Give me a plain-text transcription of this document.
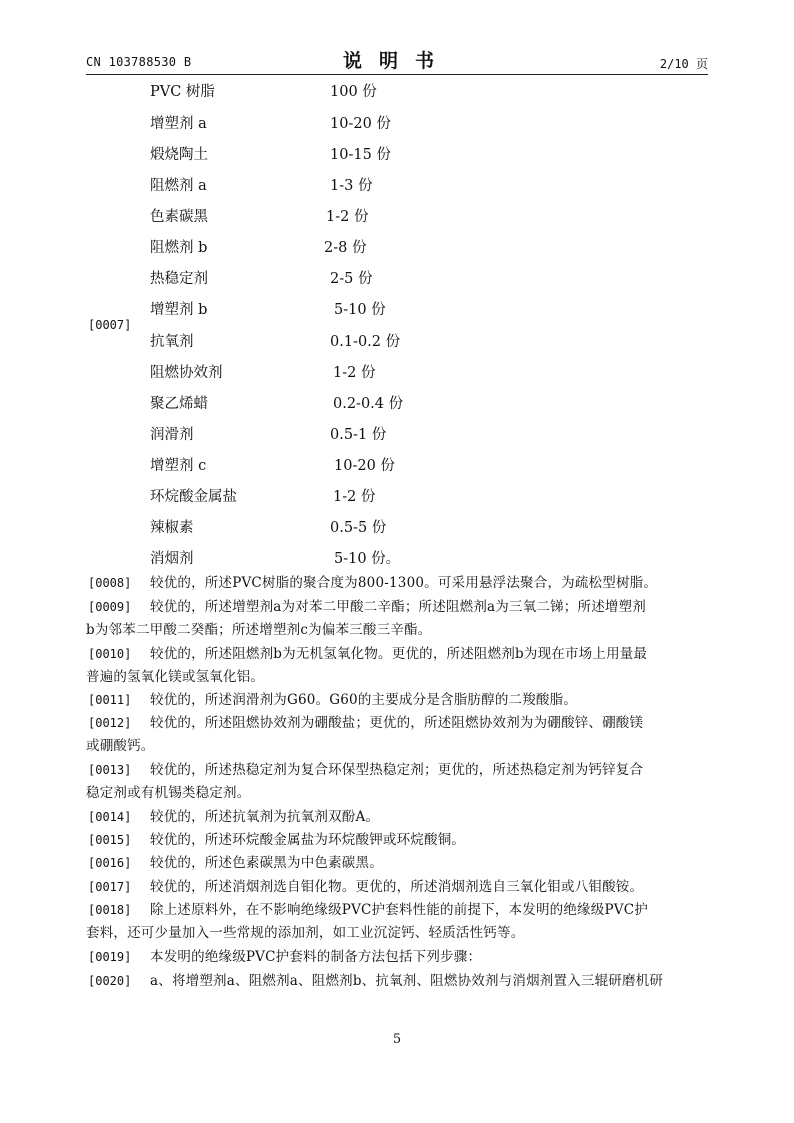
CN 103788530 B	说明书	2/10 页
[0007]
PVC 树脂	100 份
增塑剂 a	10-20 份
煅烧陶土	10-15 份
阻燃剂 a	1-3 份
色素碳黑	1-2 份
阻燃剂 b	2-8 份
热稳定剂	2-5 份
增塑剂 b	5-10 份
抗氧剂	0.1-0.2 份
阻燃协效剂	1-2 份
聚乙烯蜡	0.2-0.4 份
润滑剂	0.5-1 份
增塑剂 c	10-20 份
环烷酸金属盐	1-2 份
辣椒素	0.5-5 份
消烟剂	5-10 份。
[0008] 较优的，所述PVC树脂的聚合度为800-1300。可采用悬浮法聚合，为疏松型树脂。
[0009] 较优的，所述增塑剂a为对苯二甲酸二辛酯；所述阻燃剂a为三氧二锑；所述增塑剂
b为邻苯二甲酸二癸酯；所述增塑剂c为偏苯三酸三辛酯。
[0010] 较优的，所述阻燃剂b为无机氢氧化物。更优的，所述阻燃剂b为现在市场上用量最
普遍的氢氧化镁或氢氧化铝。
[0011] 较优的，所述润滑剂为G60。G60的主要成分是含脂肪醇的二羧酸脂。
[0012] 较优的，所述阻燃协效剂为硼酸盐；更优的，所述阻燃协效剂为为硼酸锌、硼酸镁
或硼酸钙。
[0013] 较优的，所述热稳定剂为复合环保型热稳定剂；更优的，所述热稳定剂为钙锌复合
稳定剂或有机锡类稳定剂。
[0014] 较优的，所述抗氧剂为抗氧剂双酚A。
[0015] 较优的，所述环烷酸金属盐为环烷酸钾或环烷酸铜。
[0016] 较优的，所述色素碳黑为中色素碳黑。
[0017] 较优的，所述消烟剂选自钼化物。更优的，所述消烟剂选自三氧化钼或八钼酸铵。
[0018] 除上述原料外，在不影响绝缘级PVC护套料性能的前提下，本发明的绝缘级PVC护
套料，还可少量加入一些常规的添加剂，如工业沉淀钙、轻质活性钙等。
[0019] 本发明的绝缘级PVC护套料的制备方法包括下列步骤：
[0020] a、将增塑剂a、阻燃剂a、阻燃剂b、抗氧剂、阻燃协效剂与消烟剂置入三辊研磨机研
5
